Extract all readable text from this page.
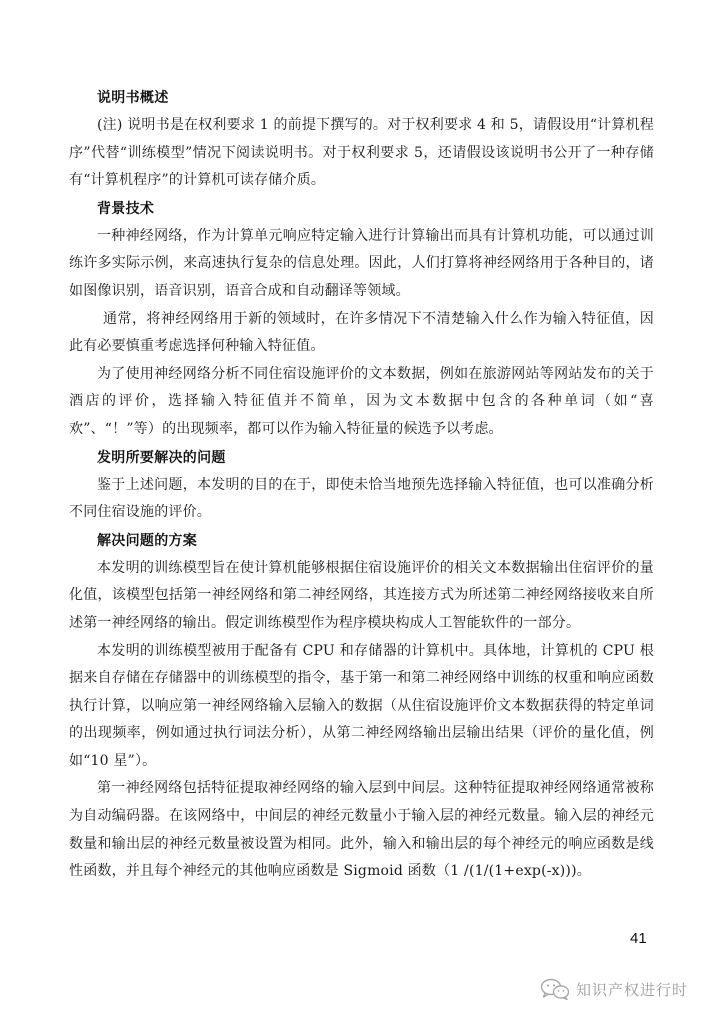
说明书概述

(注) 说明书是在权利要求 1 的前提下撰写的。对于权利要求 4 和 5，请假设用“计算机程序”代替“训练模型”情况下阅读说明书。对于权利要求 5，还请假设该说明书公开了一种存储有“计算机程序”的计算机可读存储介质。

背景技术

一种神经网络，作为计算单元响应特定输入进行计算输出而具有计算机功能，可以通过训练许多实际示例，来高速执行复杂的信息处理。因此，人们打算将神经网络用于各种目的，诸如图像识别，语音识别，语音合成和自动翻译等领域。

通常，将神经网络用于新的领域时，在许多情况下不清楚输入什么作为输入特征值，因此有必要慎重考虑选择何种输入特征值。

为了使用神经网络分析不同住宿设施评价的文本数据，例如在旅游网站等网站发布的关于酒店的评价，选择输入特征值并不简单，因为文本数据中包含的各种单词（如“喜欢”、“！”等）的出现频率，都可以作为输入特征量的候选予以考虑。

发明所要解决的问题

鉴于上述问题，本发明的目的在于，即使未恰当地预先选择输入特征值，也可以准确分析不同住宿设施的评价。

解决问题的方案

本发明的训练模型旨在使计算机能够根据住宿设施评价的相关文本数据输出住宿评价的量化值，该模型包括第一神经网络和第二神经网络，其连接方式为所述第二神经网络接收来自所述第一神经网络的输出。假定训练模型作为程序模块构成人工智能软件的一部分。

本发明的训练模型被用于配备有 CPU 和存储器的计算机中。具体地，计算机的 CPU 根据来自存储在存储器中的训练模型的指令，基于第一和第二神经网络中训练的权重和响应函数执行计算，以响应第一神经网络输入层输入的数据（从住宿设施评价文本数据获得的特定单词的出现频率，例如通过执行词法分析），从第二神经网络输出层输出结果（评价的量化值，例如“10 星”）。

第一神经网络包括特征提取神经网络的输入层到中间层。这种特征提取神经网络通常被称为自动编码器。在该网络中，中间层的神经元数量小于输入层的神经元数量。输入层的神经元数量和输出层的神经元数量被设置为相同。此外，输入和输出层的每个神经元的响应函数是线性函数，并且每个神经元的其他响应函数是 Sigmoid 函数（1 /(1/(1+exp(-x)))。

41
知识产权进行时
